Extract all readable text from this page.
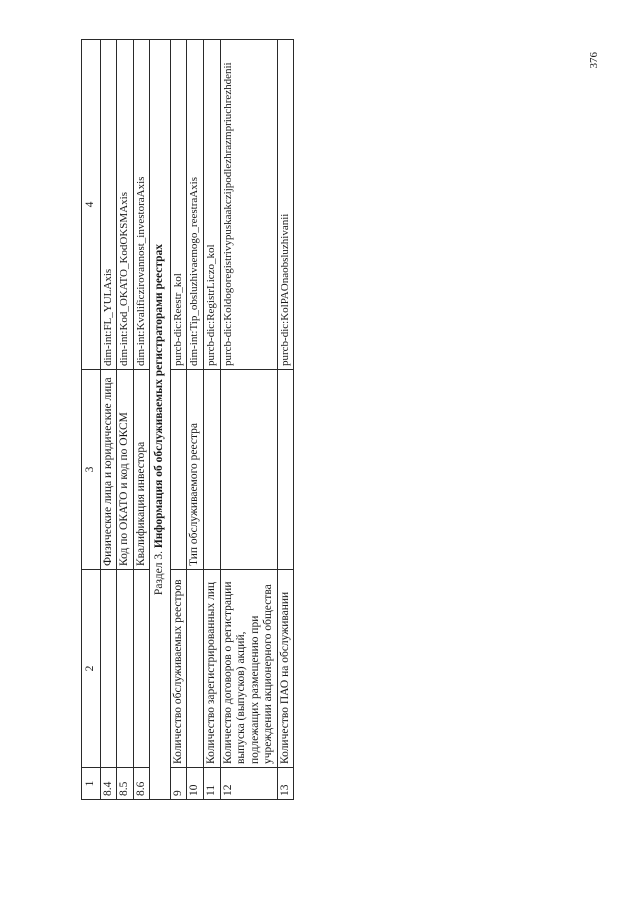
376
1	2	3	4
8.4		Физические лица и юридические лица	dim-int:FL_YULAxis
8.5		Код по ОКАТО и код по ОКСМ	dim-int:Kod_OKATO_KodOKSMAxis
8.6		Квалификация инвестора	dim-int:Kvalificzirovannost_investoraAxis
Раздел 3. Информация об обслуживаемых регистраторами реестрах			
9	Количество обслуживаемых реестров		purcb-dic:Reestr_kol
10		Тип обслуживаемого реестра	dim-int:Tip_obsluzhivaemogo_reestraAxis
11	Количество зарегистрированных лиц		purcb-dic:RegistrLiczo_kol
12	Количество договоров о регистрации выпуска (выпусков) акций, подлежащих размещению при учреждении акционерного общества		purcb-dic:Koldogoregistrivypuskaakczijpodlezhrazmpriuchrezhdenii
13	Количество ПАО на обслуживании		purcb-dic:KolPAOnaobsluzhivanii
